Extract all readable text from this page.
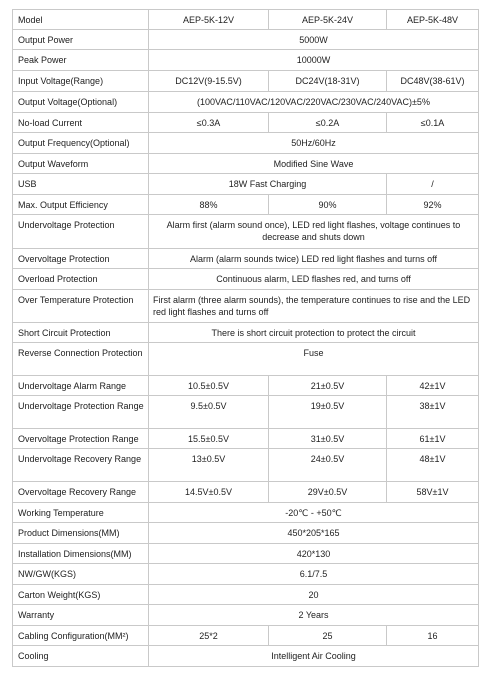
Model	AEP-5K-12V	AEP-5K-24V	AEP-5K-48V
Output Power	5000W		
Peak Power	10000W		
Input Voltage(Range)	DC12V(9-15.5V)	DC24V(18-31V)	DC48V(38-61V)
Output Voltage(Optional)	(100VAC/110VAC/120VAC/220VAC/230VAC/240VAC)±5%		
No-load Current	≤0.3A	≤0.2A	≤0.1A
Output Frequency(Optional)	50Hz/60Hz		
Output Waveform	Modified Sine Wave		
USB	18W Fast Charging		/
Max. Output Efficiency	88%	90%	92%
Undervoltage Protection	Alarm first (alarm sound once), LED red light flashes, voltage continues to decrease and shuts down		
Overvoltage Protection	Alarm (alarm sounds twice) LED red light flashes and turns off		
Overload Protection	Continuous alarm, LED flashes red, and turns off		
Over Temperature Protection	First alarm (three alarm sounds), the temperature continues to rise and the LED red light flashes and turns off		
Short Circuit Protection	There is short circuit protection to protect the circuit		
Reverse Connection Protection	Fuse		
Undervoltage Alarm Range	10.5±0.5V	21±0.5V	42±1V
Undervoltage Protection Range	9.5±0.5V	19±0.5V	38±1V
Overvoltage Protection Range	15.5±0.5V	31±0.5V	61±1V
Undervoltage Recovery Range	13±0.5V	24±0.5V	48±1V
Overvoltage Recovery Range	14.5V±0.5V	29V±0.5V	58V±1V
Working Temperature	-20℃ - +50℃		
Product Dimensions(MM)	450*205*165		
Installation Dimensions(MM)	420*130		
NW/GW(KGS)	6.1/7.5		
Carton Weight(KGS)	20		
Warranty	2 Years		
Cabling Configuration(MM²)	25*2	25	16
Cooling	Intelligent Air Cooling		
